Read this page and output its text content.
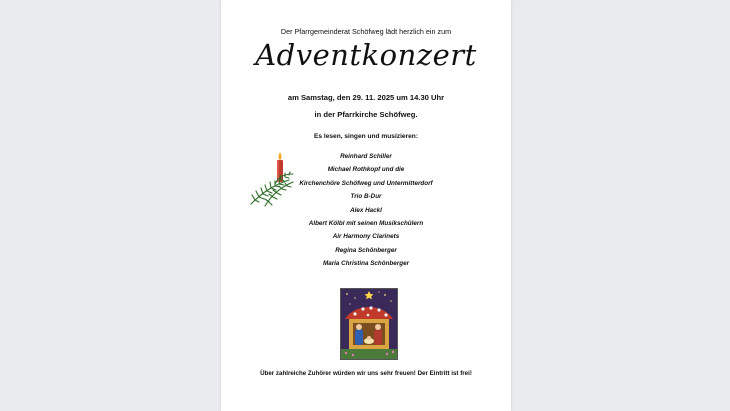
Der Pfarrgemeinderat Schöfweg lädt herzlich ein zum
Adventkonzert
am Samstag, den 29. 11. 2025 um 14.30 Uhr
in der Pfarrkirche Schöfweg.
Es lesen, singen und musizieren:
Reinhard Schiller
Michael Rothkopf und die
Kirchenchöre Schöfweg und Untermitterdorf
Trio B-Dur
Alex Hackl
Albert Kölbl mit seinen Musikschülern
Air Harmony Clarinets
Regina Schönberger
Maria Christina Schönberger
Über zahlreiche Zuhörer würden wir uns sehr freuen! Der Eintritt ist frei!
